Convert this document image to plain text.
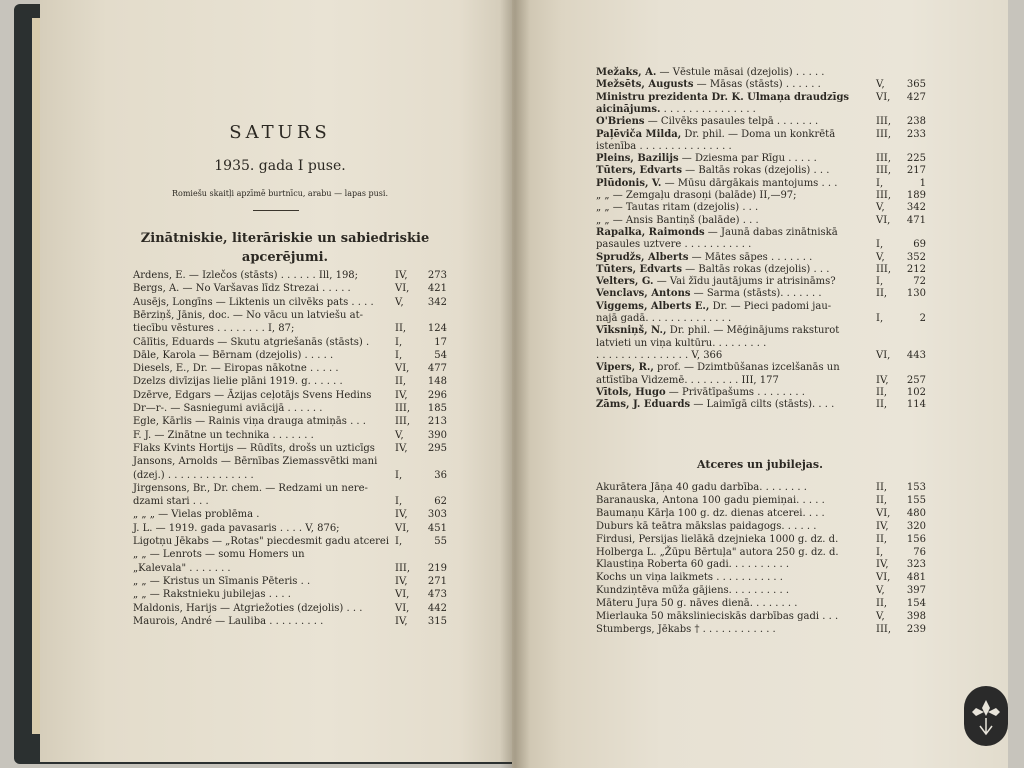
SATURS
1935. gada I puse.
Romiešu skaitļi apzīmē burtnīcu, arabu — lapas pusi.
Zinātniskie, literāriskie un sabiedriskie apcerējumi.
Ardens, E. — Izlečos (stāsts) . . . . . . Ill, 198;	IV,	273
Bergs, A. — No Varšavas līdz Strezai . . . . .	VI,	421
Ausējs, Longīns — Liktenis un cilvēks pats . . . . V,	342
Bērziņš, Jānis, doc. — No vācu un latviešu at-
tiecību vēstures . . . . . . . . I, 87;	II,	124
Cālītis, Eduards — Skutu atgriešanās (stāsts) .	I,	17
Dāle, Karola — Bērnam (dzejolis) . . . . .	I,	54
Diesels, E., Dr. — Eiropas nākotne . . . . .	VI,	477
Dzelzs divīzijas lielie plāni 1919. g. . . . . .	II,	148
Dzērve, Edgars — Āzijas ceļotājs Svens Hedins IV,	296
Dr—r-. — Sasniegumi aviācijā . . . . . .	III,	185
Egle, Kārlis — Rainis viņa drauga atmiņās . . .	III,	213
F. J. — Zinātne un technika . . . . . . .	V,	390
Flaks Kvints Hortijs — Rūdīts, drošs un uzticīgs IV,	295
Jansons, Arnolds — Bērnības Ziemassvētki mani
(dzej.) . . . . . . . . . . . . . .	I,	36
Jirgensons, Br., Dr. chem. — Redzami un nere-
dzami stari . . .	I,	62
„ „ „ — Vielas problēma .	IV,	303
J. L. — 1919. gada pavasaris . . . . V, 876;	VI,	451
Ligotņu Jēkabs — „Rotas" piecdesmit gadu atcerei I,	55
„ „ — Lenrots — somu Homers un
„Kalevala" . . . . . . .	III,	219
„ „ — Kristus un Sīmanis Pēteris . .	IV,	271
„ „ — Rakstnieku jubilejas . . . .	VI,	473
Maldonis, Harijs — Atgriežoties (dzejolis) . . .	VI,	442
Maurois, André — Lauliba . . . . . . . . .	IV,	315
Mežaks, A. — Vēstule māsai (dzejolis) . . . . .
Mežsēts, Augusts — Māsas (stāsts) . . . . . .	V,	365
Ministru prezidenta Dr. K. Ulmaņa draudzīgs	VI,	427
aicinājums. . . . . . . . . . . . . . . .
O'Briens — Cilvēks pasaules telpā . . . . . . .	III,	238
Paļēviča Milda, Dr. phil. — Doma un konkrētā	III,	233
istenība . . . . . . . . . . . . . . .
Pleins, Bazilijs — Dziesma par Rīgu . . . . .	III,	225
Tūters, Edvarts — Baltās rokas (dzejolis) . . .	III,	217
Plūdonis, V. — Mūsu dārgākais mantojums . . .	I,	1
„ „ — Zemgaļu drasoņi (balāde) II,—97;	III,	189
„ „ — Tautas ritam (dzejolis) . . .	V,	342
„ „ — Ansis Bantiņš (balāde) . . .	VI,	471
Rapalka, Raimonds — Jaunā dabas zinātniskā
pasaules uztvere . . . . . . . . . . .	I,	69
Sprudžs, Alberts — Mātes sāpes . . . . . . .	V,	352
Tūters, Edvarts — Baltās rokas (dzejolis) . . .	III,	212
Velters, G. — Vai žīdu jautājums ir atrisināms?	I,	72
Venclavs, Antons — Sarma (stāsts). . . . . . .	II,	130
Viggems, Alberts E., Dr. — Pieci padomi jau-
najā gadā. . . . . . . . . . . . . .	I,	2
Vīksniņš, N., Dr. phil. — Mēģinājums raksturot
latvieti un viņa kultūru. . . . . . . . .
. . . . . . . . . . . . . . . V, 366	VI,	443
Vipers, R., prof. — Dzimtbūšanas izcelšanās un
attīstība Vidzemē. . . . . . . . . III, 177	IV,	257
Vītols, Hugo — Privātīpašums . . . . . . . .	II,	102
Zāms, J. Eduards — Laimīgā cilts (stāsts). . . .	II,	114
Atceres un jubilejas.
Akurātera Jāņa 40 gadu darbība. . . . . . . .	II,	153
Baranauska, Antona 100 gadu piemiņai. . . . .	II,	155
Baumaņu Kārļa 100 g. dz. dienas atcerei. . . .	VI,	480
Duburs kā teātra mākslas paidagogs. . . . . .	IV,	320
Firdusi, Persijas lielākā dzejnieka 1000 g. dz. d.	II,	156
Holberga L. „Žūpu Bērtuļa" autora 250 g. dz. d.	I,	76
Klaustiņa Roberta 60 gadi. . . . . . . . . .	IV,	323
Kochs un viņa laikmets . . . . . . . . . . .	VI,	481
Kundziņtēva mūža gājiens. . . . . . . . . .	V,	397
Māteru Juŗa 50 g. nāves dienā. . . . . . . .	II,	154
Mierlauka 50 mākslinieciskās darbības gadi . . .	V,	398
Stumbergs, Jēkabs † . . . . . . . . . . . .	III,	239
